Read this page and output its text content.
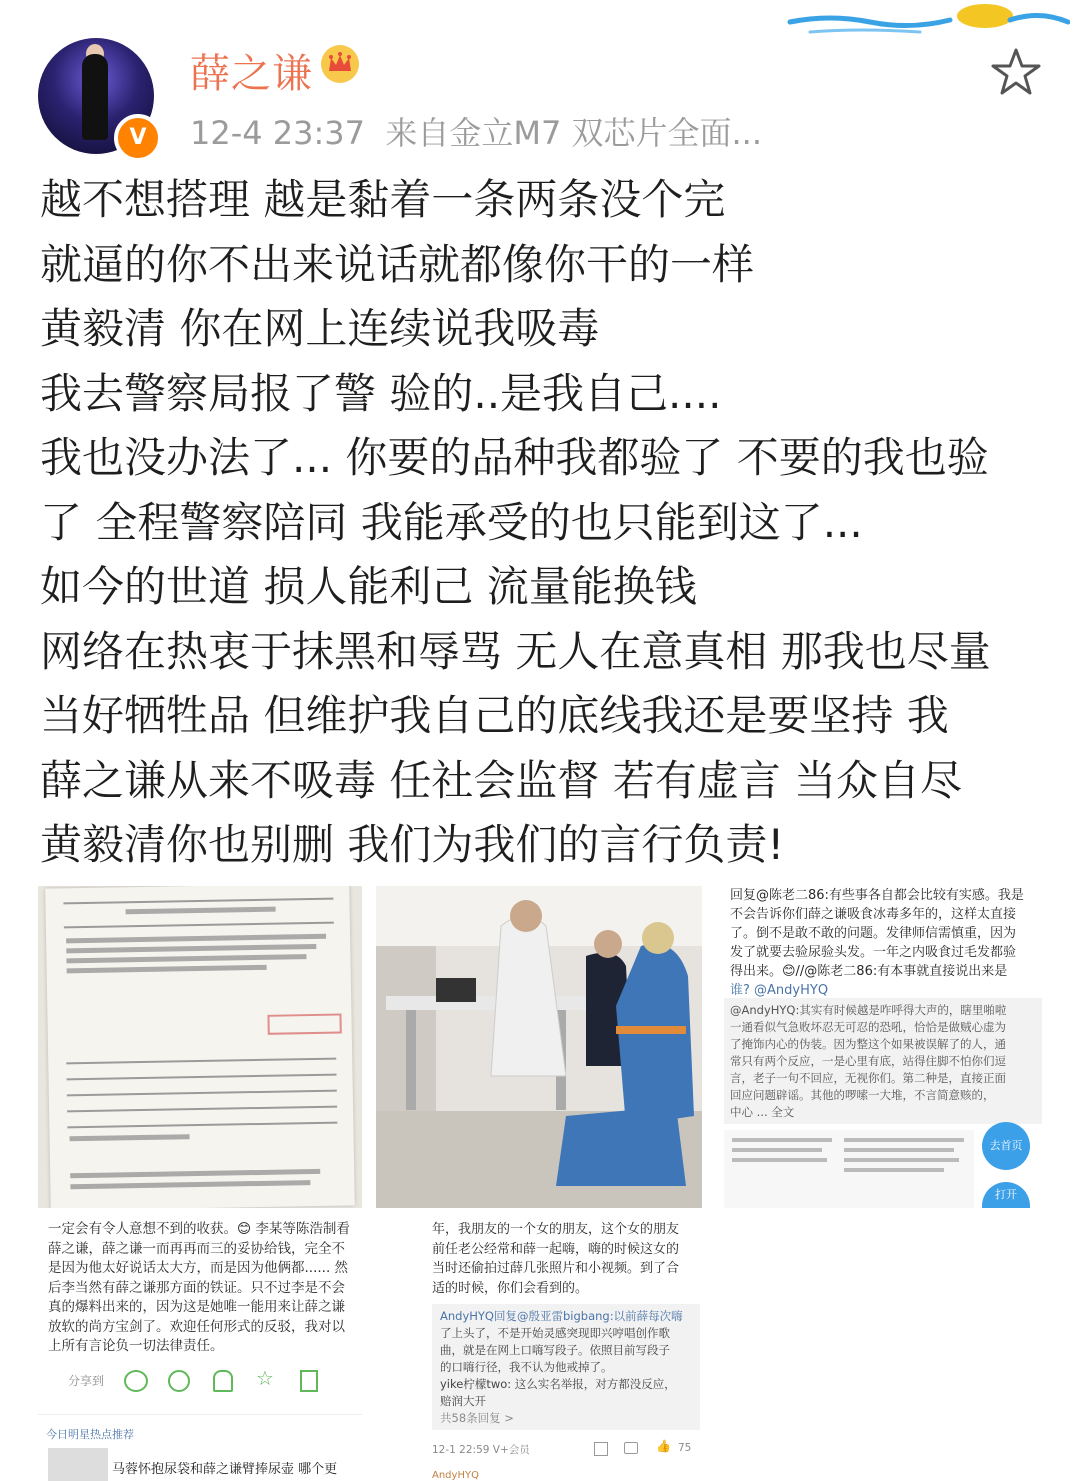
V
薛之谦
12-4 23:37 来自金立M7 双芯片全面...
越不想搭理 越是黏着一条两条没个完
就逼的你不出来说话就都像你干的一样
黄毅清 你在网上连续说我吸毒
我去警察局报了警 验的..是我自己....
我也没办法了... 你要的品种我都验了 不要的我也验
了 全程警察陪同 我能承受的也只能到这了...
如今的世道 损人能利己 流量能换钱
网络在热衷于抹黑和辱骂 无人在意真相 那我也尽量
当好牺牲品 但维护我自己的底线我还是要坚持 我
薛之谦从来不吸毒 任社会监督 若有虚言 当众自尽
黄毅清你也别删 我们为我们的言行负责!
回复@陈老二86:有些事各自都会比较有实感。我是
不会告诉你们薛之谦吸食冰毒多年的，这样太直接
了。倒不是敢不敢的问题。发律师信需慎重，因为
发了就要去验尿验头发。一年之内吸食过毛发都验
得出来。😊//@陈老二86:有本事就直接说出来是
谁? @AndyHYQ
@AndyHYQ:其实有时候越是咋呼得大声的，瞎里啪啦
一通看似气急败坏忍无可忍的恐吼，恰恰是做贼心虚为
了掩饰内心的伪装。因为整这个如果被误解了的人，通
常只有两个反应，一是心里有底，站得住脚不怕你们逗
言，老子一句不回应，无视你们。第二种是，直接正面
回应问题辟谣。其他的啰嗦一大堆，不言简意赅的，
中心 ... 全文
去首页
打开
一定会有令人意想不到的收获。😊 李某等陈浩制看
薛之谦，薛之谦一而再再而三的妥协给钱，完全不
是因为他太好说话太大方，而是因为他俩都...... 然
后李当然有薛之谦那方面的铁证。只不过李是不会
真的爆料出来的，因为这是她唯一能用来让薛之谦
放软的尚方宝剑了。欢迎任何形式的反驳，我对以
上所有言论负一切法律责任。
分享到	☆
今日明星热点推荐
马蓉怀抱尿袋和薛之谦臂捧尿壶 哪个更
年，我朋友的一个女的朋友，这个女的朋友
前任老公经常和薛一起嗨，嗨的时候这女的
当时还偷拍过薛几张照片和小视频。到了合
适的时候，你们会看到的。
AndyHYQ回复@殷亚雷bigbang:以前薛每次嗨
了上头了，不是开始灵感突现即兴哼唱创作歌
曲，就是在网上口嗨写段子。依照目前写段子
的口嗨行径，我不认为他戒掉了。
yike柠檬two: 这么实名举报，对方都没反应，
赔润大开
共58条回复 >
12-1 22:59 V+会员	👍 75
AndyHYQ
